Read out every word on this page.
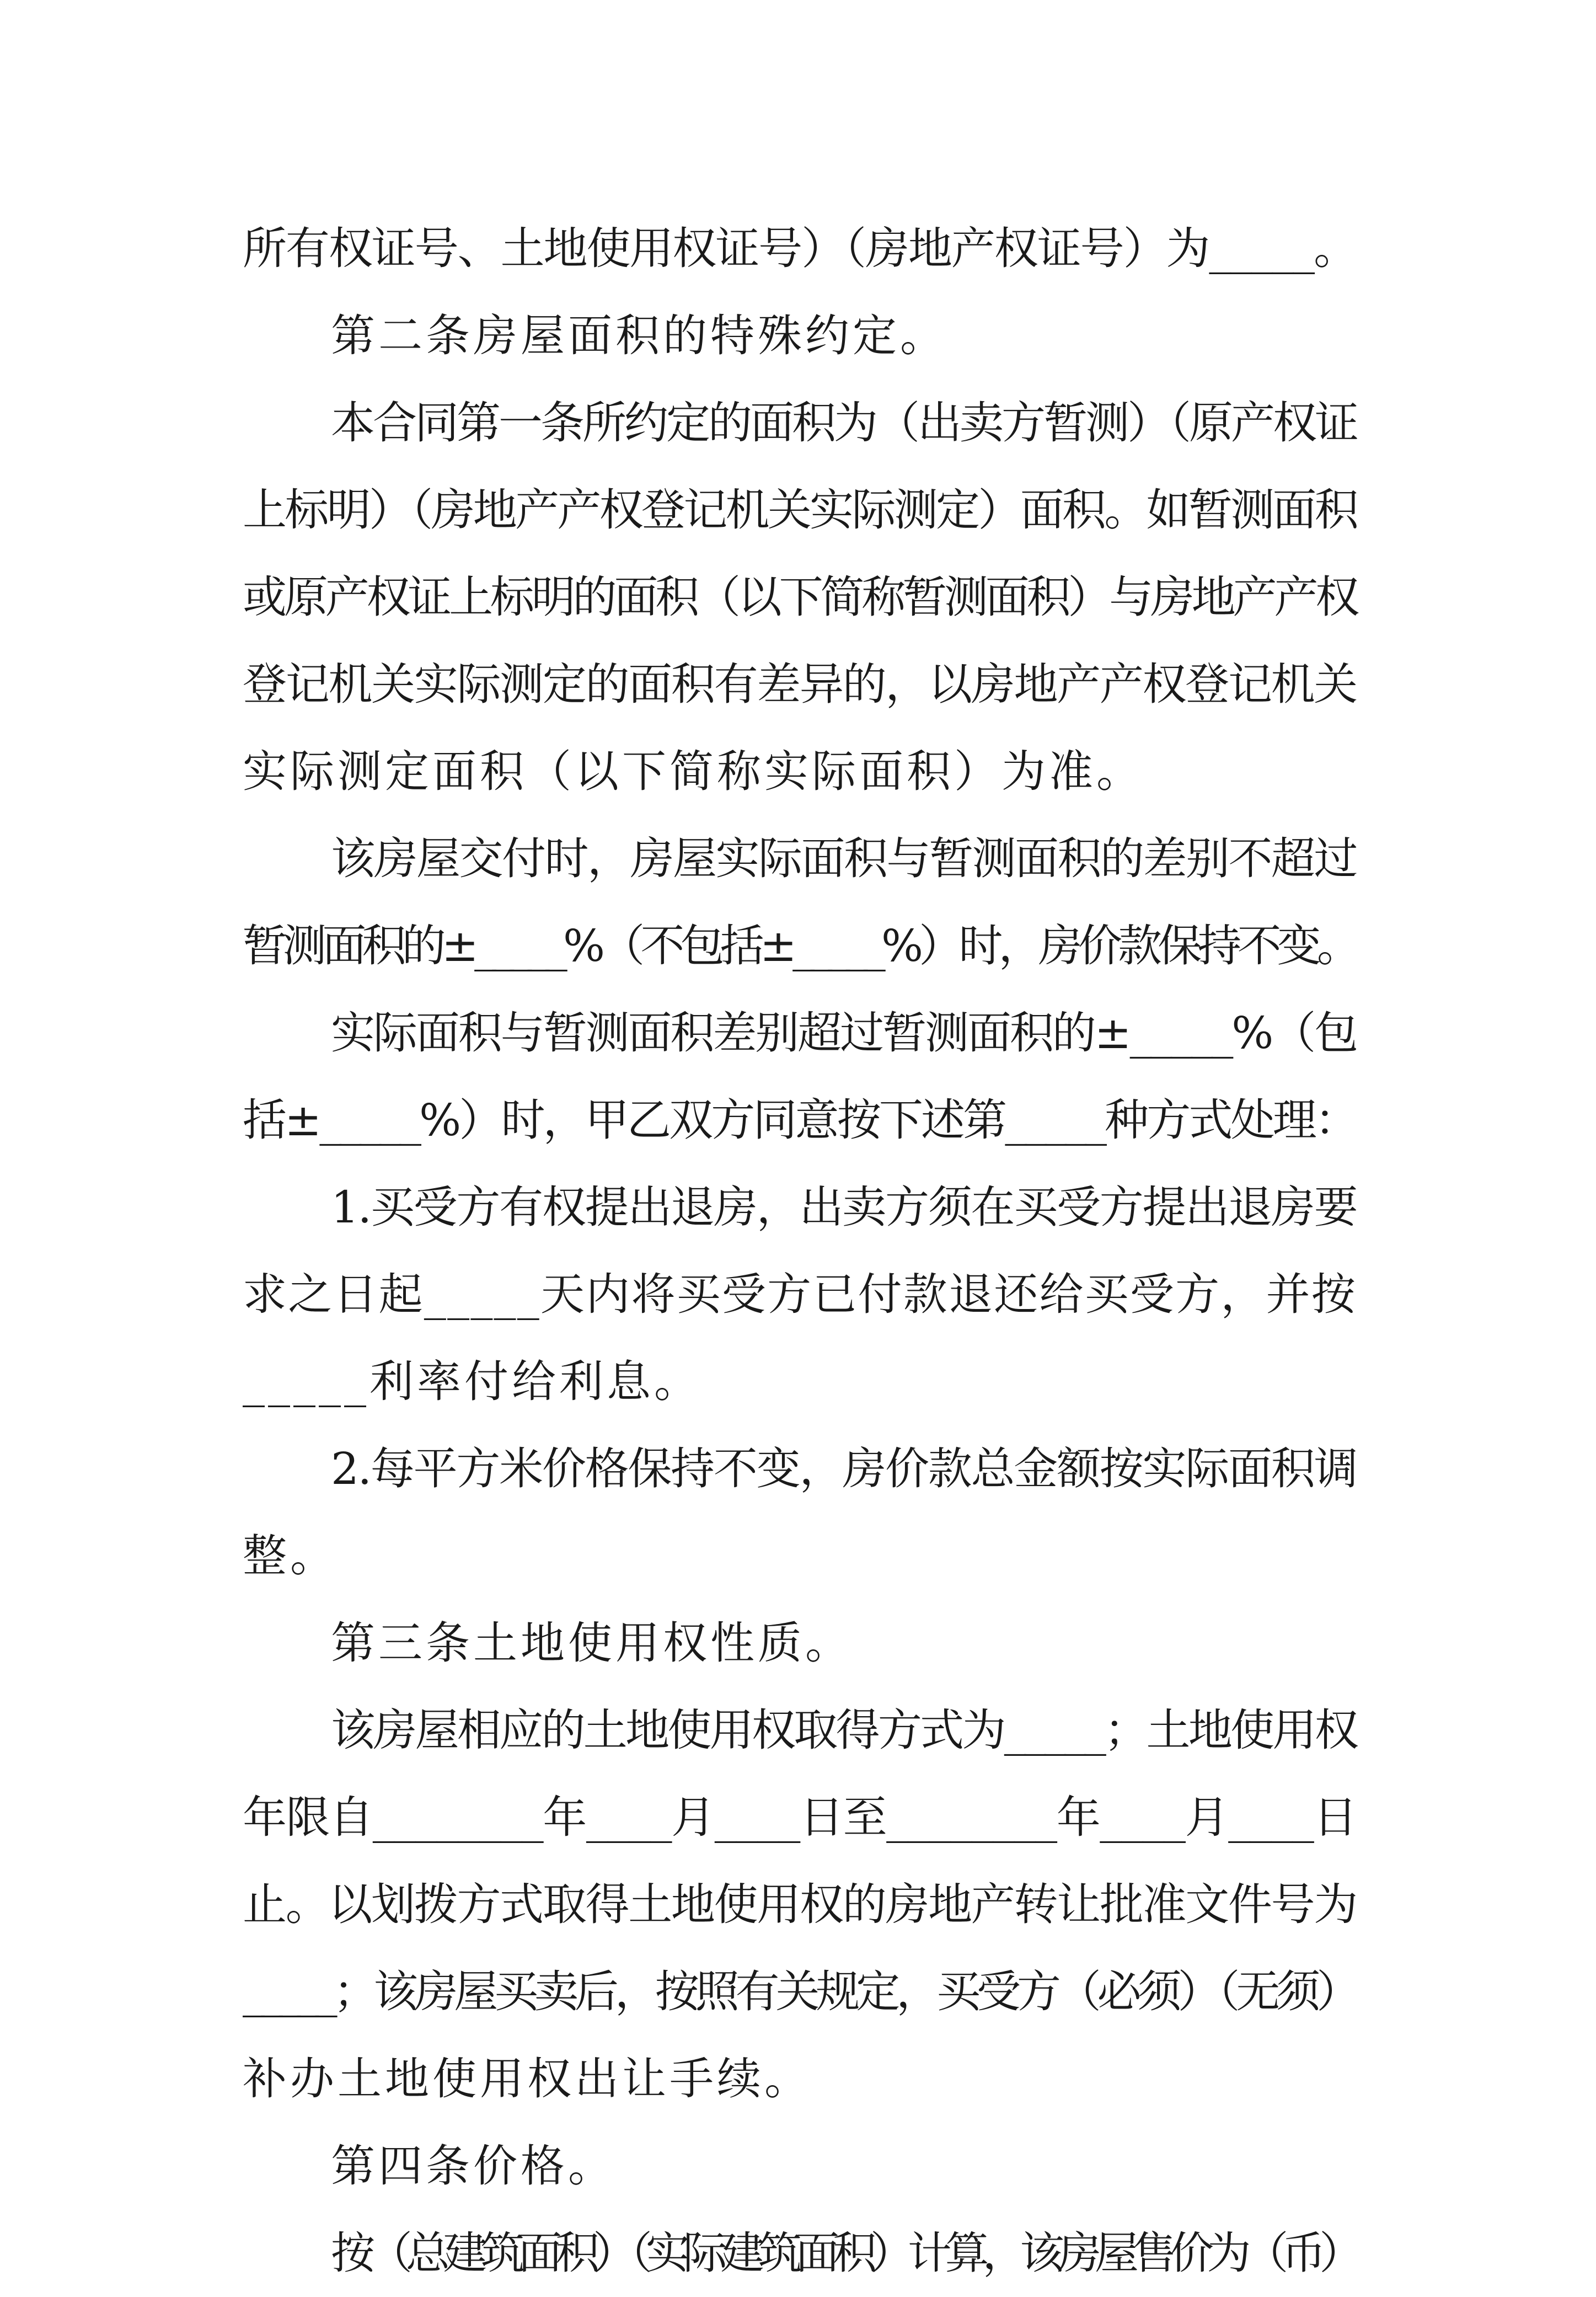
所有权证号、土地使用权证号）（房地产权证号）为_____。

第二条房屋面积的特殊约定。

本合同第一条所约定的面积为（出卖方暂测）（原产权证
上标明）（房地产产权登记机关实际测定）面积。如暂测面积
或原产权证上标明的面积（以下简称暂测面积）与房地产产权
登记机关实际测定的面积有差异的，以房地产产权登记机关
实际测定面积（以下简称实际面积）为准。

该房屋交付时，房屋实际面积与暂测面积的差别不超过
暂测面积的±_____%（不包括±_____%）时，房价款保持不变。

实际面积与暂测面积差别超过暂测面积的±_____%（包
括±_____%）时，甲乙双方同意按下述第_____种方式处理：

1.买受方有权提出退房，出卖方须在买受方提出退房要
求之日起_____天内将买受方已付款退还给买受方，并按
_____利率付给利息。

2.每平方米价格保持不变，房价款总金额按实际面积调
整。

第三条土地使用权性质。

该房屋相应的土地使用权取得方式为_____；土地使用权
年限自________年____月____日至________年____月____日
止。以划拨方式取得土地使用权的房地产转让批准文件号为
_____；该房屋买卖后，按照有关规定，买受方（必须）（无须）
补办土地使用权出让手续。

第四条价格。

按（总建筑面积）（实际建筑面积）计算，该房屋售价为（币）
